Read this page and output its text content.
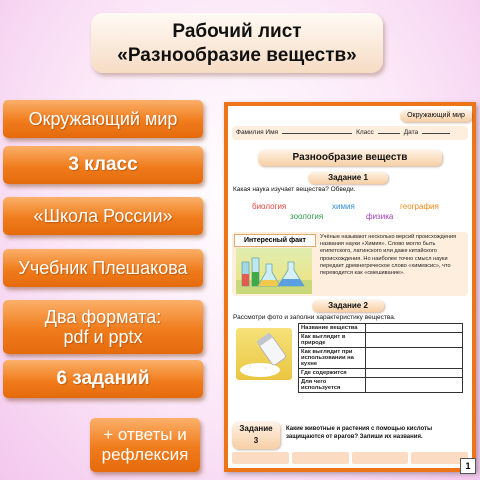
Рабочий лист
«Разнообразие веществ»
Окружающий мир
3 класс
«Школа России»
Учебник Плешакова
Два формата:
pdf и pptx
6 заданий
+ ответы и
рефлексия
Окружающий мир
Фамилия Имя	Класс	Дата
Разнообразие веществ
Задание 1
Какая наука изучает вещества? Обведи.
биология	химия	география
зоология	физика
Интересный факт	Учёные называют несколько версий происхождения названия науки «Химия». Слово могло быть египетского, латинского или даже китайского происхождения. Но наиболее точно смысл науки передает древнегреческое слово «химевсис», что переводится как «смешивание».
Задание 2
Рассмотри фото и заполни характеристику вещества.
Название вещества	
Как выглядит в природе	
Как выглядит при использовании на кухне	
Где содержится	
Для чего используется	
Задание
3
Какие животные и растения с помощью кислоты защищаются от врагов? Запиши их названия.
1
